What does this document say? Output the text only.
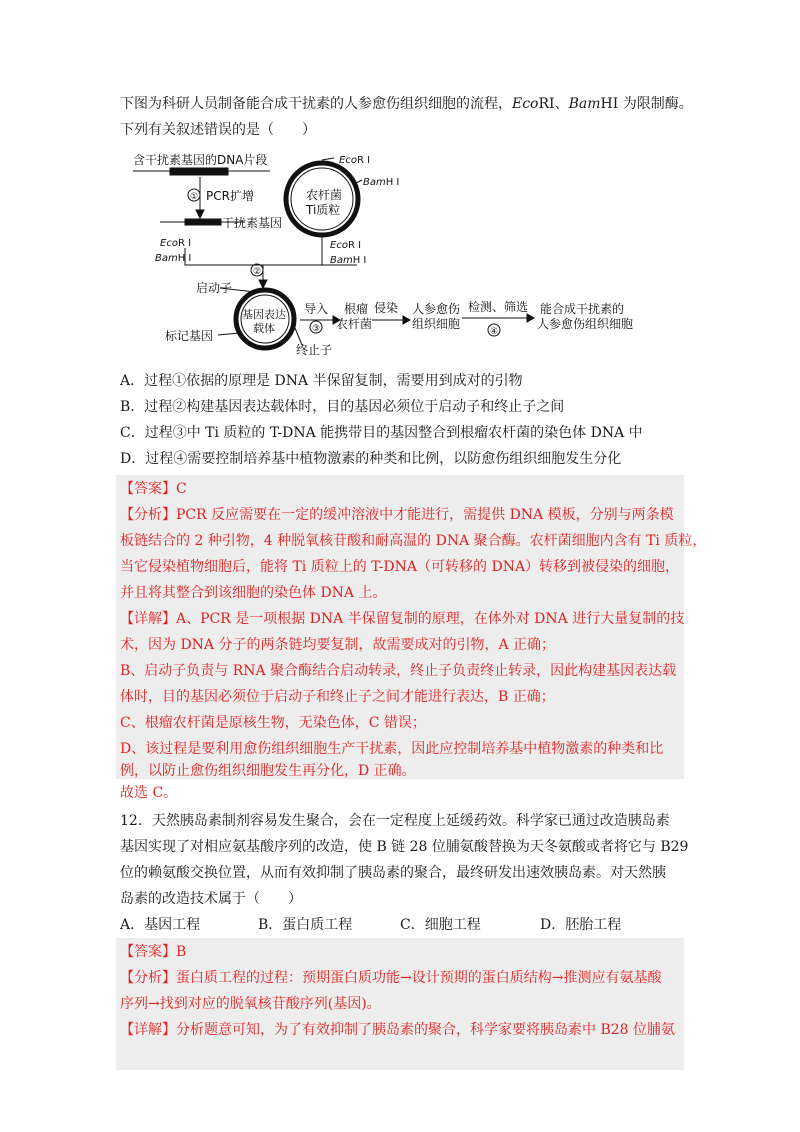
下图为科研人员制备能合成干扰素的人参愈伤组织细胞的流程，EcoRI、BamHI 为限制酶。

下列有关叙述错误的是（　　）

含干扰素基因的DNA片段
① PCR扩增
干扰素基因
EcoR I
BamH I
农杆菌
Ti质粒
EcoR I
BamH I
EcoR I
BamH I
②
启动子
基因表达
载体
标记基因
终止子
导入
③
根瘤
农杆菌
侵染 人参愈伤
组织细胞
检测、筛选
④
能合成干扰素的
人参愈伤组织细胞

A．过程①依据的原理是 DNA 半保留复制，需要用到成对的引物

B．过程②构建基因表达载体时，目的基因必须位于启动子和终止子之间

C．过程③中 Ti 质粒的 T-DNA 能携带目的基因整合到根瘤农杆菌的染色体 DNA 中

D．过程④需要控制培养基中植物激素的种类和比例，以防愈伤组织细胞发生分化

【答案】C

【分析】PCR 反应需要在一定的缓冲溶液中才能进行，需提供 DNA 模板，分别与两条模

板链结合的 2 种引物，4 种脱氧核苷酸和耐高温的 DNA 聚合酶。农杆菌细胞内含有 Ti 质粒，

当它侵染植物细胞后，能将 Ti 质粒上的 T-DNA（可转移的 DNA）转移到被侵染的细胞，

并且将其整合到该细胞的染色体 DNA 上。

【详解】A、PCR 是一项根据 DNA 半保留复制的原理，在体外对 DNA 进行大量复制的技

术，因为 DNA 分子的两条链均要复制，故需要成对的引物，A 正确；

B、启动子负责与 RNA 聚合酶结合启动转录，终止子负责终止转录，因此构建基因表达载

体时，目的基因必须位于启动子和终止子之间才能进行表达，B 正确；

C、根瘤农杆菌是原核生物，无染色体，C 错误；

D、该过程是要利用愈伤组织细胞生产干扰素，因此应控制培养基中植物激素的种类和比

例，以防止愈伤组织细胞发生再分化，D 正确。

故选 C。

12．天然胰岛素制剂容易发生聚合，会在一定程度上延缓药效。科学家已通过改造胰岛素

基因实现了对相应氨基酸序列的改造，使 B 链 28 位脯氨酸替换为天冬氨酸或者将它与 B29

位的赖氨酸交换位置，从而有效抑制了胰岛素的聚合，最终研发出速效胰岛素。对天然胰

岛素的改造技术属于（　　）

A．基因工程	B．蛋白质工程	C．细胞工程	D．胚胎工程

【答案】B

【分析】蛋白质工程的过程：预期蛋白质功能→设计预期的蛋白质结构→推测应有氨基酸

序列→找到对应的脱氧核苷酸序列(基因)。

【详解】分析题意可知，为了有效抑制了胰岛素的聚合，科学家要将胰岛素中 B28 位脯氨
